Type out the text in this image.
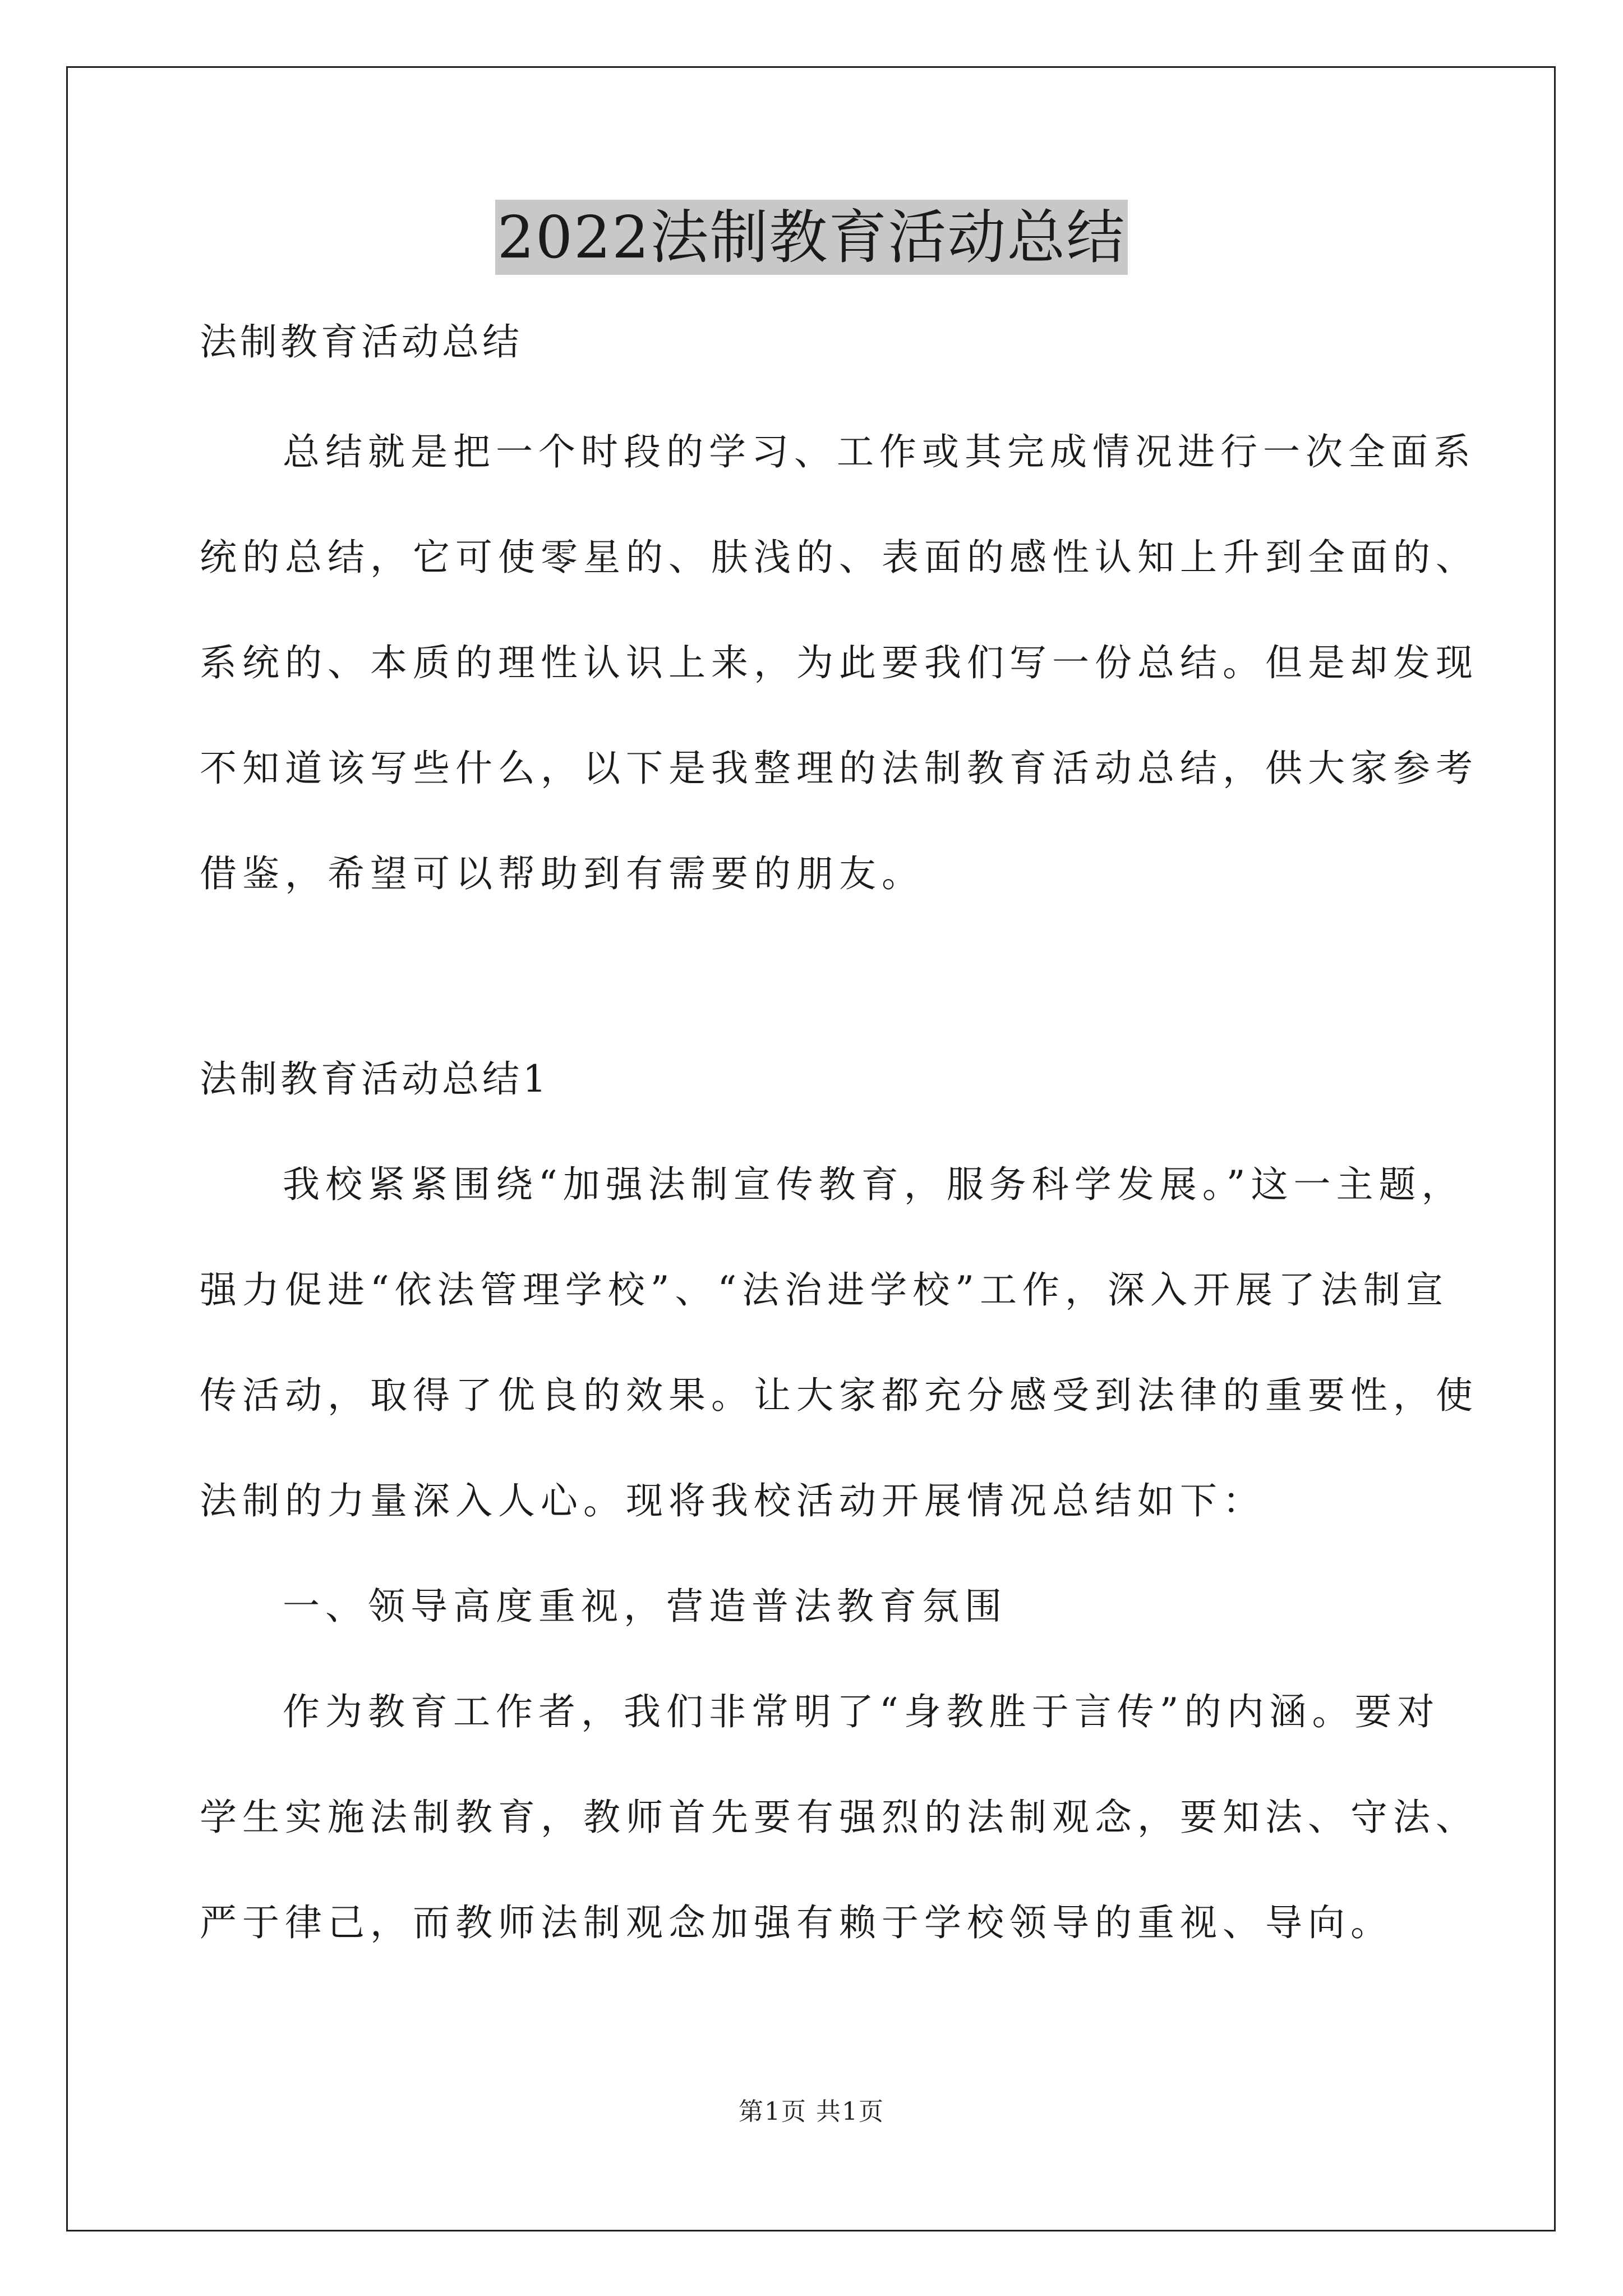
2022法制教育活动总结
法制教育活动总结
总结就是把一个时段的学习、工作或其完成情况进行一次全面系
统的总结，它可使零星的、肤浅的、表面的感性认知上升到全面的、
系统的、本质的理性认识上来，为此要我们写一份总结。但是却发现
不知道该写些什么，以下是我整理的法制教育活动总结，供大家参考
借鉴，希望可以帮助到有需要的朋友。
法制教育活动总结1
我校紧紧围绕“加强法制宣传教育，服务科学发展。”这一主题，
强力促进“依法管理学校”、“法治进学校”工作，深入开展了法制宣
传活动，取得了优良的效果。让大家都充分感受到法律的重要性，使
法制的力量深入人心。现将我校活动开展情况总结如下：
一、领导高度重视，营造普法教育氛围
作为教育工作者，我们非常明了“身教胜于言传”的内涵。要对
学生实施法制教育，教师首先要有强烈的法制观念，要知法、守法、
严于律己，而教师法制观念加强有赖于学校领导的重视、导向。
第1页 共1页
